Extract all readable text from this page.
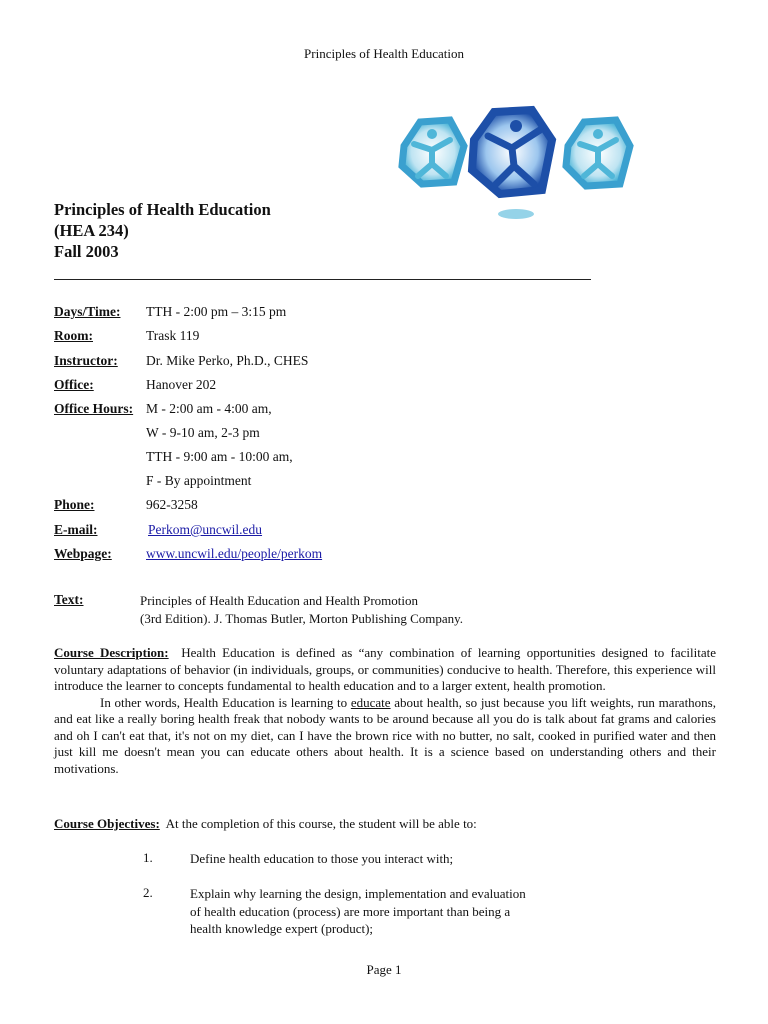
Principles of Health Education
Principles of Health Education
(HEA 234)
Fall 2003
Days/Time: TTH - 2:00 pm – 3:15 pm
Room:	Trask 119
Instructor: Dr. Mike Perko, Ph.D., CHES
Office:	Hanover 202
Office Hours: M - 2:00 am - 4:00 am,
W - 9-10 am, 2-3 pm
TTH - 9:00 am - 10:00 am,
F - By appointment
Phone:	962-3258
E-mail:	Perkom@uncwil.edu
Webpage:	www.uncwil.edu/people/perkom
Text:	Principles of Health Education and Health Promotion
(3rd Edition). J. Thomas Butler, Morton Publishing Company.
Course Description: Health Education is defined as “any combination of learning opportunities designed to facilitate voluntary adaptations of behavior (in individuals, groups, or communities) conducive to health. Therefore, this experience will introduce the learner to concepts fundamental to health education and to a larger extent, health promotion.
In other words, Health Education is learning to educate about health, so just because you lift weights, run marathons, and eat like a really boring health freak that nobody wants to be around because all you do is talk about fat grams and calories and oh I can't eat that, it's not on my diet, can I have the brown rice with no butter, no salt, cooked in purified water and then just kill me doesn't mean you can educate others about health. It is a science based on understanding others and their motivations.
Course Objectives: At the completion of this course, the student will be able to:
1.	Define health education to those you interact with;
2.	Explain why learning the design, implementation and evaluation
of health education (process) are more important than being a
health knowledge expert (product);
Page 1
